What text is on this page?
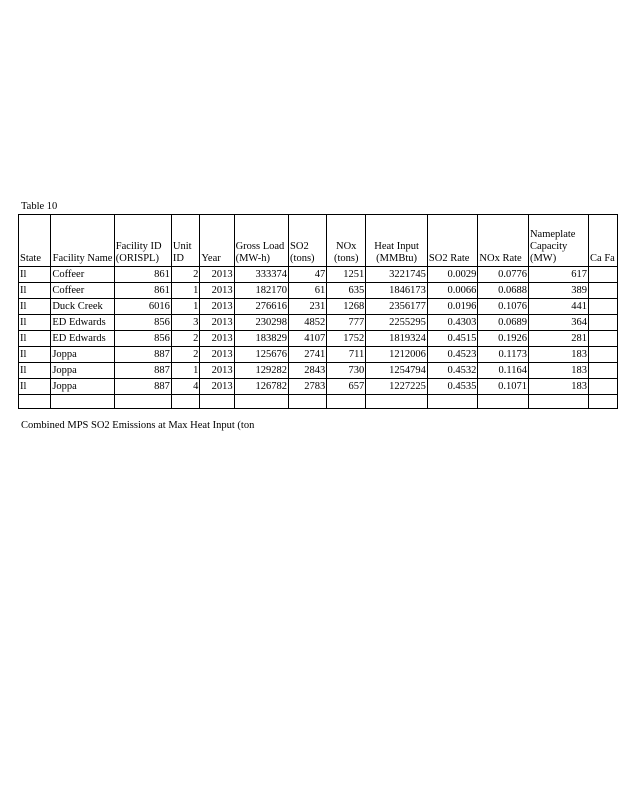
Table 10
State	Facility Name	Facility ID (ORISPL)	Unit ID	Year	Gross Load (MW-h)	SO2 (tons)	NOx (tons)	Heat Input (MMBtu)	SO2 Rate	NOx Rate	Nameplate Capacity (MW)	Ca Fa
Il	Coffeer	861	2	2013	333374	47	1251	3221745	0.0029	0.0776	617	
Il	Coffeer	861	1	2013	182170	61	635	1846173	0.0066	0.0688	389	
Il	Duck Creek	6016	1	2013	276616	231	1268	2356177	0.0196	0.1076	441	
Il	ED Edwards	856	3	2013	230298	4852	777	2255295	0.4303	0.0689	364	
Il	ED Edwards	856	2	2013	183829	4107	1752	1819324	0.4515	0.1926	281	
Il	Joppa	887	2	2013	125676	2741	711	1212006	0.4523	0.1173	183	
Il	Joppa	887	1	2013	129282	2843	730	1254794	0.4532	0.1164	183	
Il	Joppa	887	4	2013	126782	2783	657	1227225	0.4535	0.1071	183	

Combined MPS SO2 Emissions at Max Heat Input (ton
